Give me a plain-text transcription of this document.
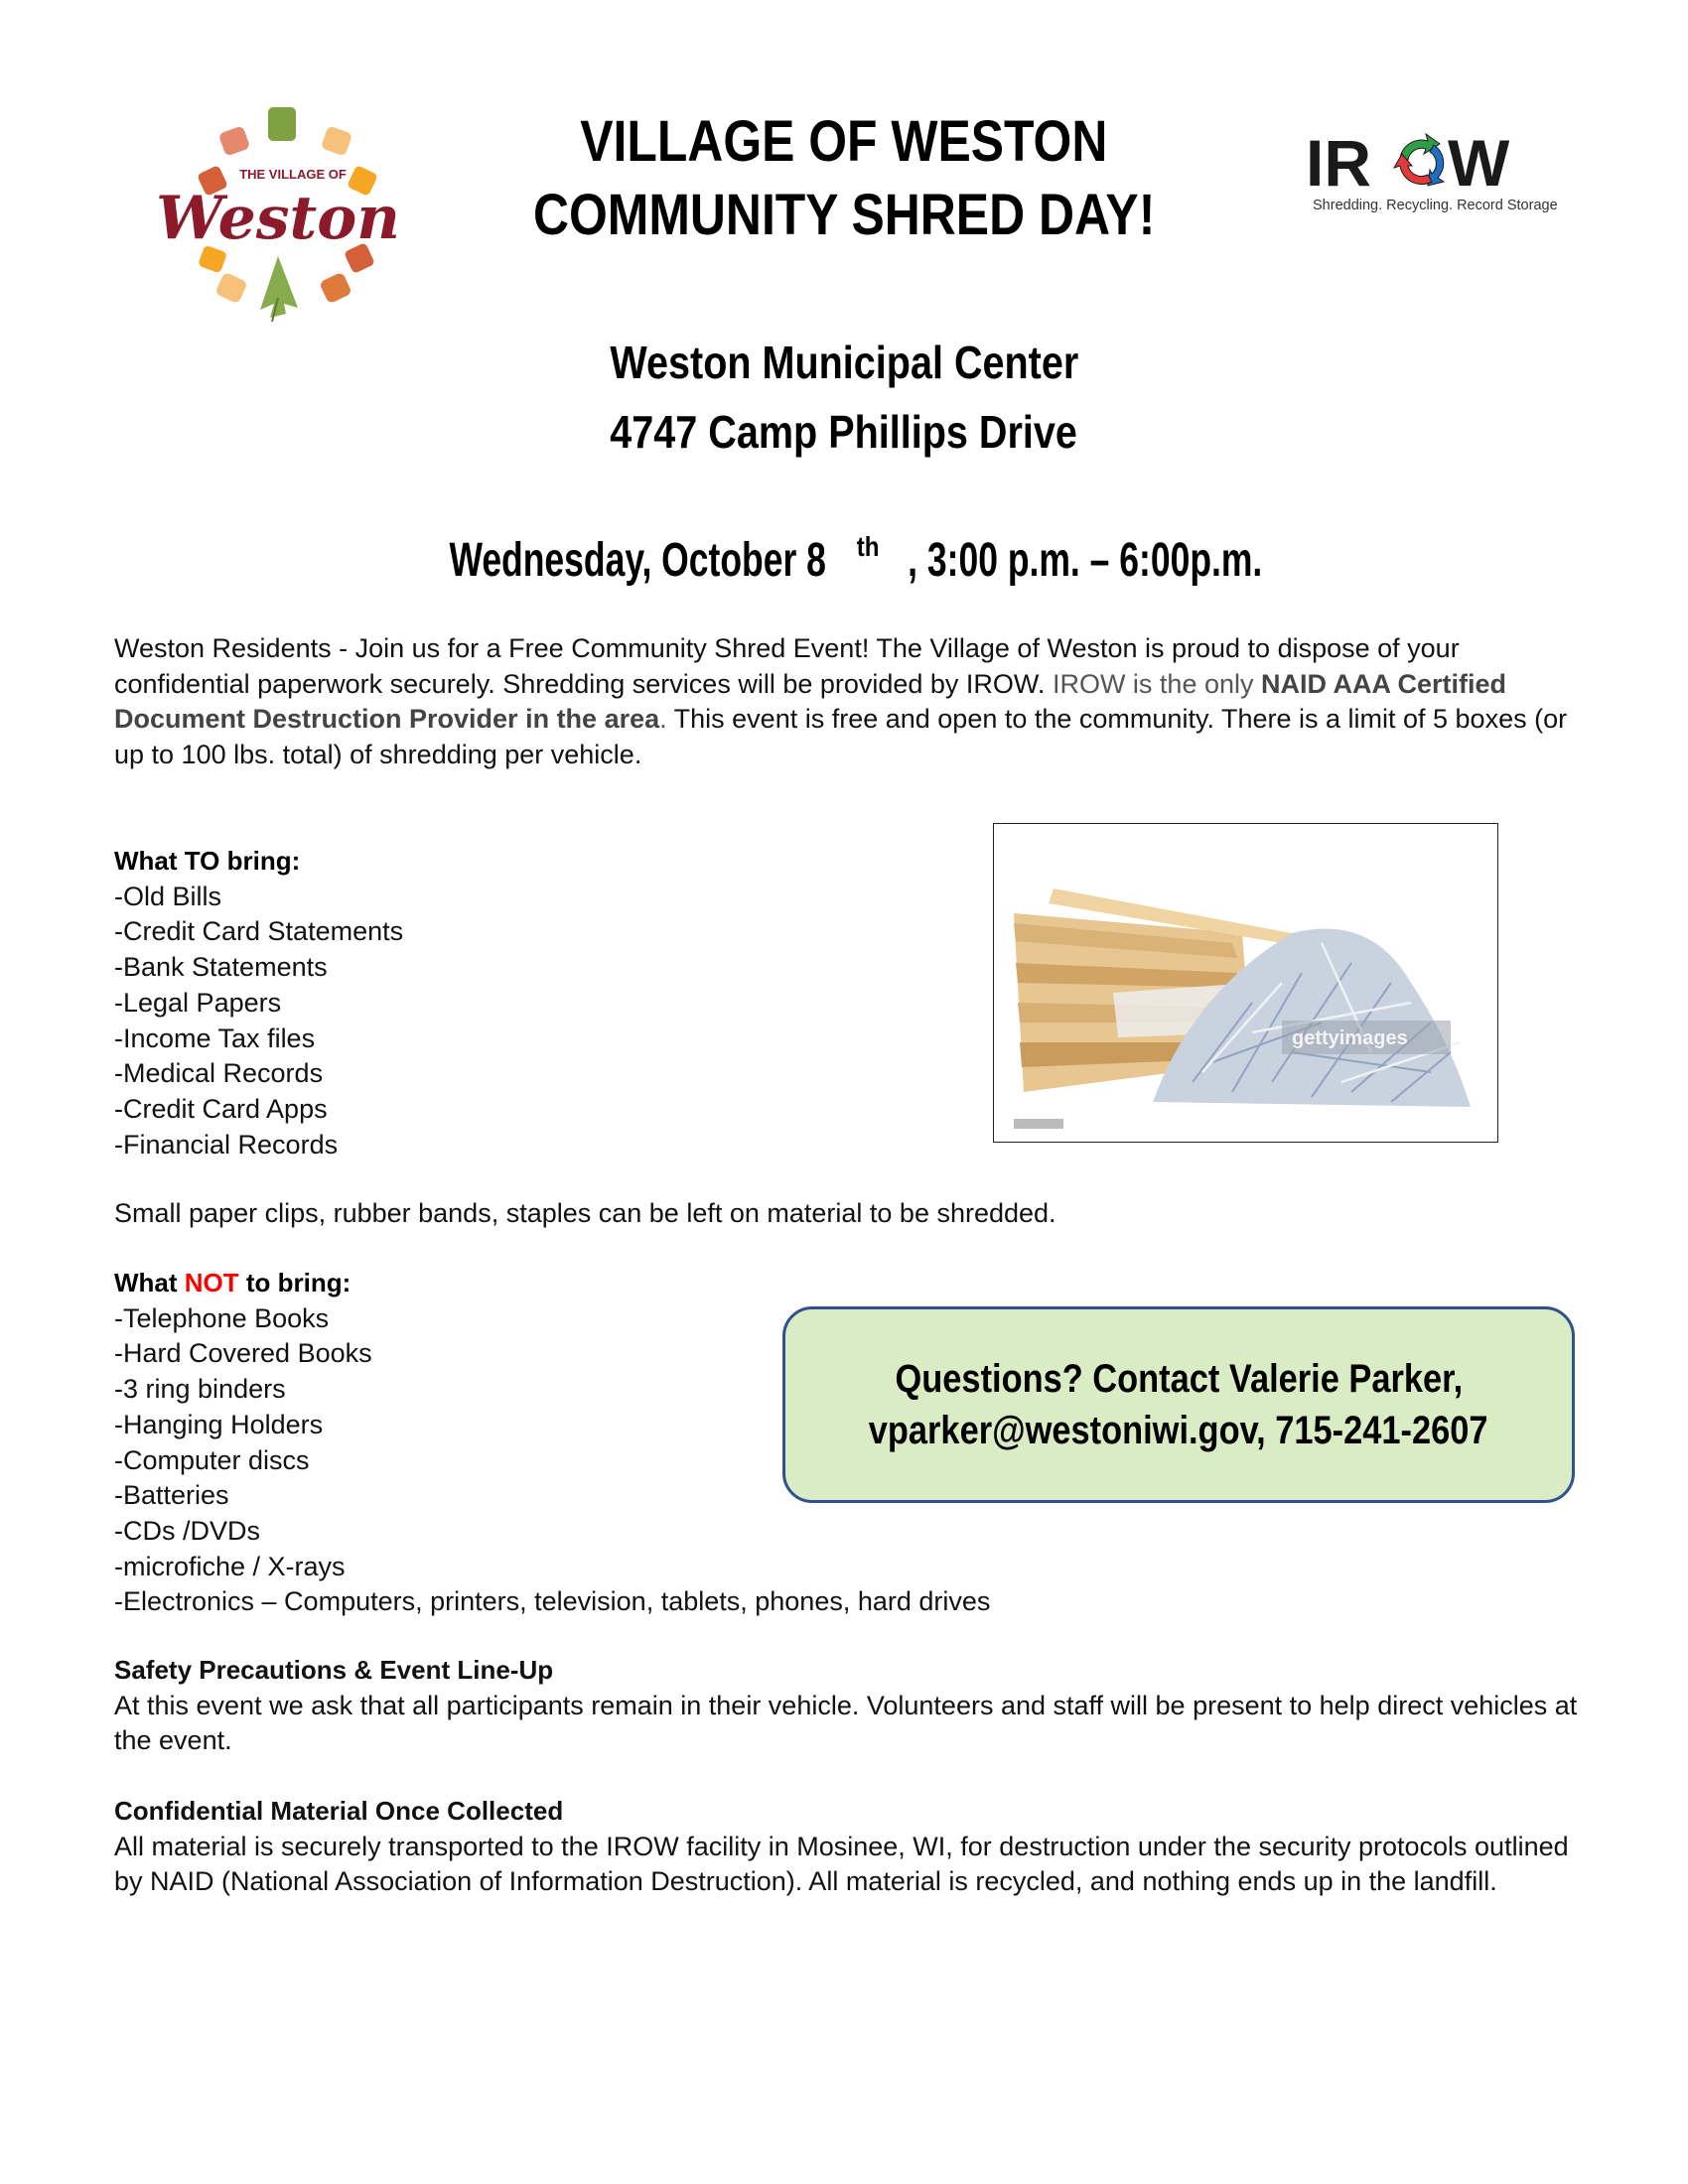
THE VILLAGE OF
Weston
IR W
Shredding. Recycling. Record Storage.
VILLAGE OF WESTON
COMMUNITY SHRED DAY!
Weston Municipal Center
4747 Camp Phillips Drive
Wednesday, October 8 $^{th}$ , 3:00 p.m. – 6:00p.m.
Weston Residents - Join us for a Free Community Shred Event! The Village of Weston is proud to dispose of your confidential paperwork securely. Shredding services will be provided by IROW. IROW is the only NAID AAA Certified Document Destruction Provider in the area. This event is free and open to the community. There is a limit of 5 boxes (or up to 100 lbs. total) of shredding per vehicle.
What TO bring:
-Old Bills
-Credit Card Statements
-Bank Statements
-Legal Papers
-Income Tax files
-Medical Records
-Credit Card Apps
-Financial Records
gettyimages
Small paper clips, rubber bands, staples can be left on material to be shredded.
What NOT to bring:
-Telephone Books
-Hard Covered Books
-3 ring binders
-Hanging Holders
-Computer discs
-Batteries
-CDs /DVDs
-microfiche / X-rays
-Electronics – Computers, printers, television, tablets, phones, hard drives
Questions? Contact Valerie Parker,
vparker@westoniwi.gov, 715-241-2607
Safety Precautions & Event Line-Up
At this event we ask that all participants remain in their vehicle. Volunteers and staff will be present to help direct vehicles at the event.
Confidential Material Once Collected
All material is securely transported to the IROW facility in Mosinee, WI, for destruction under the security protocols outlined by NAID (National Association of Information Destruction). All material is recycled, and nothing ends up in the landfill.
